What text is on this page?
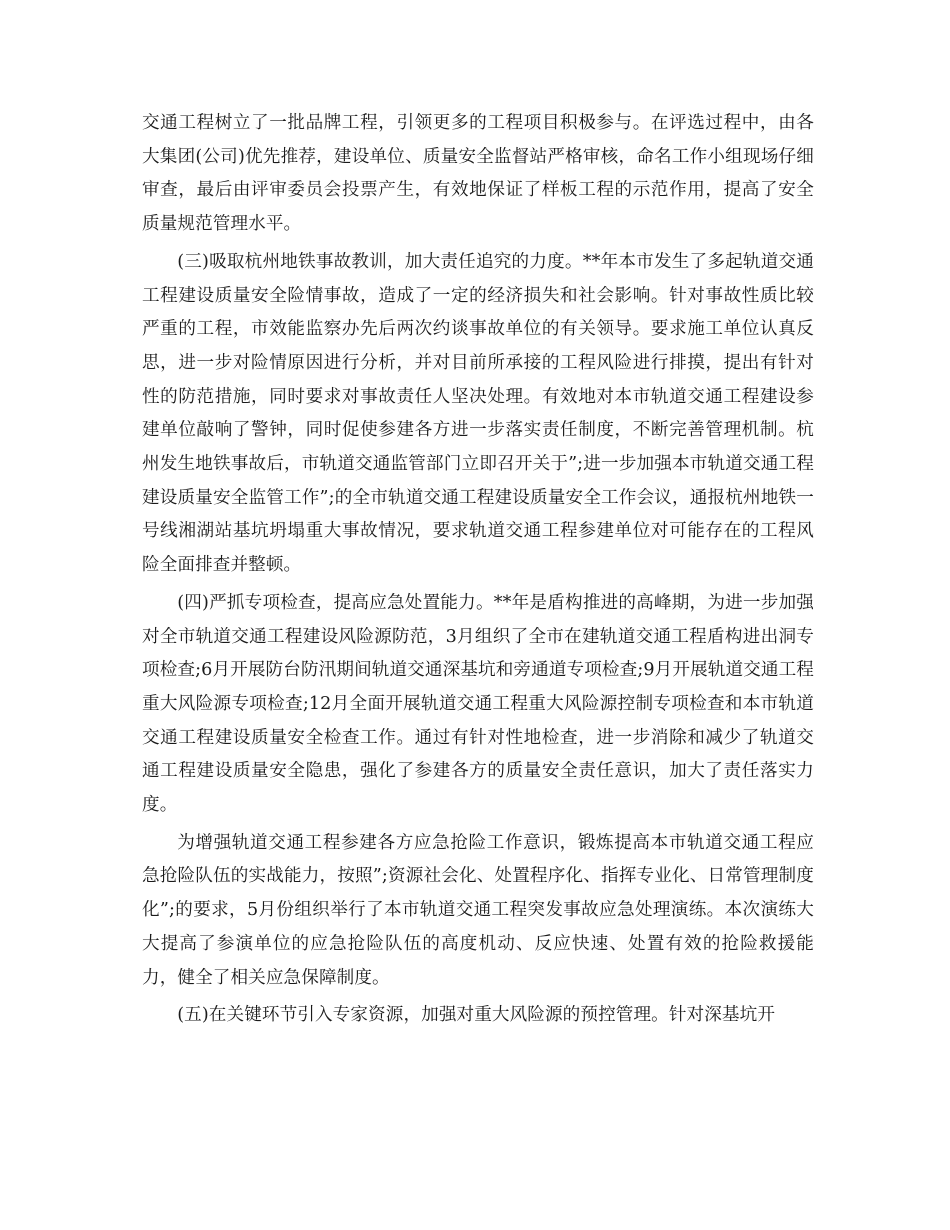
交通工程树立了一批品牌工程，引领更多的工程项目积极参与。在评选过程中，由各大集团(公司)优先推荐，建设单位、质量安全监督站严格审核，命名工作小组现场仔细审查，最后由评审委员会投票产生，有效地保证了样板工程的示范作用，提高了安全质量规范管理水平。

(三)吸取杭州地铁事故教训，加大责任追究的力度。**年本市发生了多起轨道交通工程建设质量安全险情事故，造成了一定的经济损失和社会影响。针对事故性质比较严重的工程，市效能监察办先后两次约谈事故单位的有关领导。要求施工单位认真反思，进一步对险情原因进行分析，并对目前所承接的工程风险进行排摸，提出有针对性的防范措施，同时要求对事故责任人坚决处理。有效地对本市轨道交通工程建设参建单位敲响了警钟，同时促使参建各方进一步落实责任制度，不断完善管理机制。杭州发生地铁事故后，市轨道交通监管部门立即召开关于”;进一步加强本市轨道交通工程建设质量安全监管工作”;的全市轨道交通工程建设质量安全工作会议，通报杭州地铁一号线湘湖站基坑坍塌重大事故情况，要求轨道交通工程参建单位对可能存在的工程风险全面排查并整顿。

(四)严抓专项检查，提高应急处置能力。**年是盾构推进的高峰期，为进一步加强对全市轨道交通工程建设风险源防范，3月组织了全市在建轨道交通工程盾构进出洞专项检查;6月开展防台防汛期间轨道交通深基坑和旁通道专项检查;9月开展轨道交通工程重大风险源专项检查;12月全面开展轨道交通工程重大风险源控制专项检查和本市轨道交通工程建设质量安全检查工作。通过有针对性地检查，进一步消除和减少了轨道交通工程建设质量安全隐患，强化了参建各方的质量安全责任意识，加大了责任落实力度。

为增强轨道交通工程参建各方应急抢险工作意识，锻炼提高本市轨道交通工程应急抢险队伍的实战能力，按照”;资源社会化、处置程序化、指挥专业化、日常管理制度化”;的要求，5月份组织举行了本市轨道交通工程突发事故应急处理演练。本次演练大大提高了参演单位的应急抢险队伍的高度机动、反应快速、处置有效的抢险救援能力，健全了相关应急保障制度。

(五)在关键环节引入专家资源，加强对重大风险源的预控管理。针对深基坑开
